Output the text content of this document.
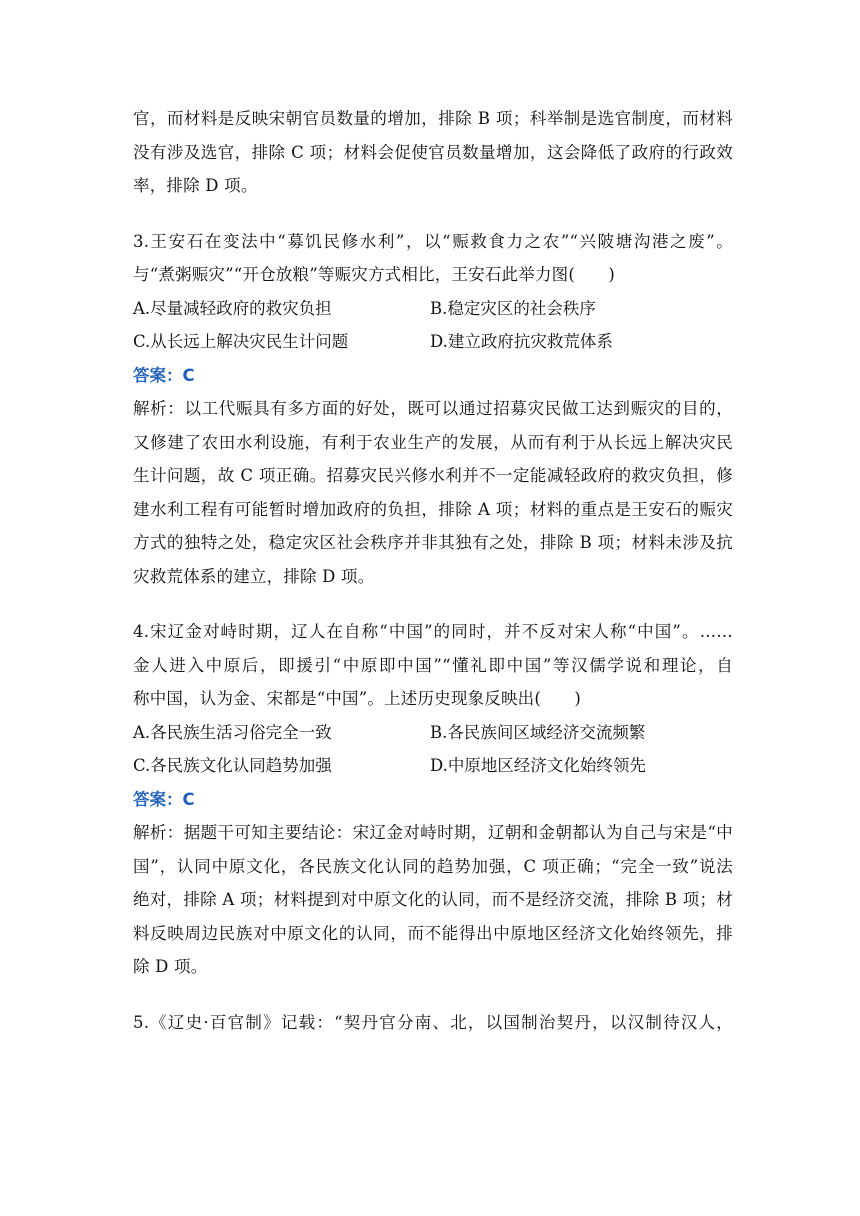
官，而材料是反映宋朝官员数量的增加，排除 B 项；科举制是选官制度，而材料
没有涉及选官，排除 C 项；材料会促使官员数量增加，这会降低了政府的行政效
率，排除 D 项。
3.王安石在变法中“募饥民修水利”，以“赈救食力之农”“兴陂塘沟港之废”。
与“煮粥赈灾”“开仓放粮”等赈灾方式相比，王安石此举力图(　　)
A.尽量减轻政府的救灾负担	B.稳定灾区的社会秩序
C.从长远上解决灾民生计问题	D.建立政府抗灾救荒体系
答案：C
解析：以工代赈具有多方面的好处，既可以通过招募灾民做工达到赈灾的目的，
又修建了农田水利设施，有利于农业生产的发展，从而有利于从长远上解决灾民
生计问题，故 C 项正确。招募灾民兴修水利并不一定能减轻政府的救灾负担，修
建水利工程有可能暂时增加政府的负担，排除 A 项；材料的重点是王安石的赈灾
方式的独特之处，稳定灾区社会秩序并非其独有之处，排除 B 项；材料未涉及抗
灾救荒体系的建立，排除 D 项。
4.宋辽金对峙时期，辽人在自称“中国”的同时，并不反对宋人称“中国”。……
金人进入中原后，即援引“中原即中国”“懂礼即中国”等汉儒学说和理论，自
称中国，认为金、宋都是“中国”。上述历史现象反映出(　　)
A.各民族生活习俗完全一致	B.各民族间区域经济交流频繁
C.各民族文化认同趋势加强	D.中原地区经济文化始终领先
答案：C
解析：据题干可知主要结论：宋辽金对峙时期，辽朝和金朝都认为自己与宋是“中
国”，认同中原文化，各民族文化认同的趋势加强，C 项正确；“完全一致”说法
绝对，排除 A 项；材料提到对中原文化的认同，而不是经济交流，排除 B 项；材
料反映周边民族对中原文化的认同，而不能得出中原地区经济文化始终领先，排
除 D 项。
5.《辽史·百官制》记载：“契丹官分南、北，以国制治契丹，以汉制待汉人，
